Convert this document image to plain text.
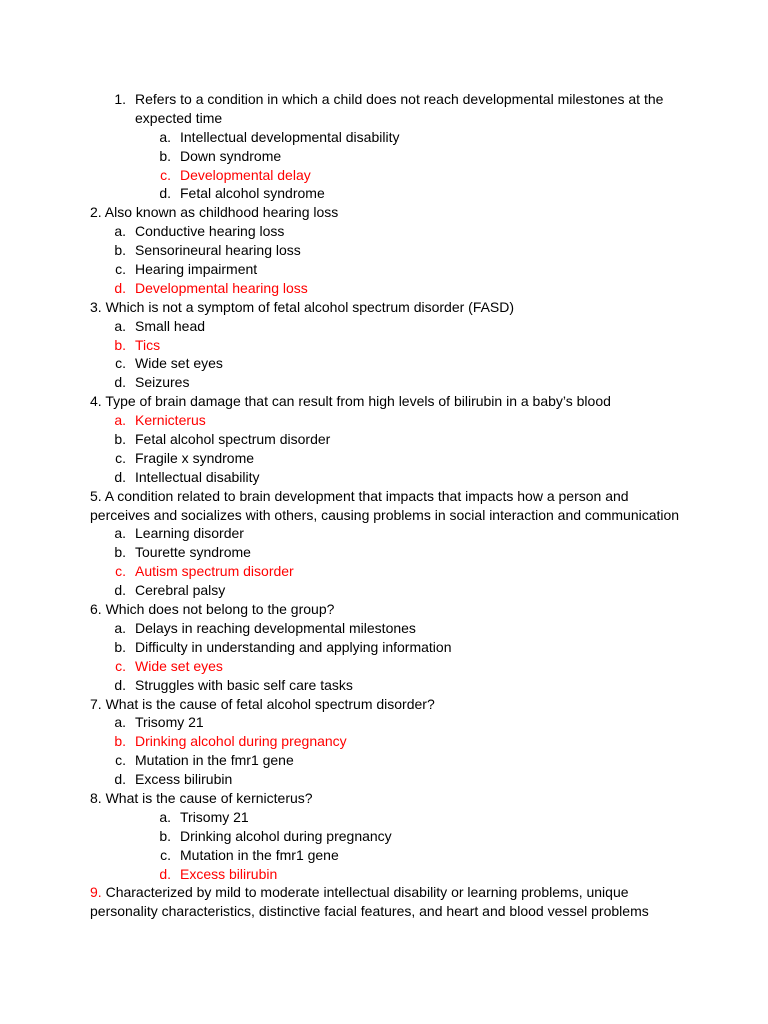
1. Refers to a condition in which a child does not reach developmental milestones at the
expected time
a. Intellectual developmental disability
b. Down syndrome
c. Developmental delay
d. Fetal alcohol syndrome
2. Also known as childhood hearing loss
a. Conductive hearing loss
b. Sensorineural hearing loss
c. Hearing impairment
d. Developmental hearing loss
3. Which is not a symptom of fetal alcohol spectrum disorder (FASD)
a. Small head
b. Tics
c. Wide set eyes
d. Seizures
4. Type of brain damage that can result from high levels of bilirubin in a baby’s blood
a. Kernicterus
b. Fetal alcohol spectrum disorder
c. Fragile x syndrome
d. Intellectual disability
5. A condition related to brain development that impacts that impacts how a person and
perceives and socializes with others, causing problems in social interaction and communication
a. Learning disorder
b. Tourette syndrome
c. Autism spectrum disorder
d. Cerebral palsy
6. Which does not belong to the group?
a. Delays in reaching developmental milestones
b. Difficulty in understanding and applying information
c. Wide set eyes
d. Struggles with basic self care tasks
7. What is the cause of fetal alcohol spectrum disorder?
a. Trisomy 21
b. Drinking alcohol during pregnancy
c. Mutation in the fmr1 gene
d. Excess bilirubin
8. What is the cause of kernicterus?
a. Trisomy 21
b. Drinking alcohol during pregnancy
c. Mutation in the fmr1 gene
d. Excess bilirubin
9. Characterized by mild to moderate intellectual disability or learning problems, unique
personality characteristics, distinctive facial features, and heart and blood vessel problems
